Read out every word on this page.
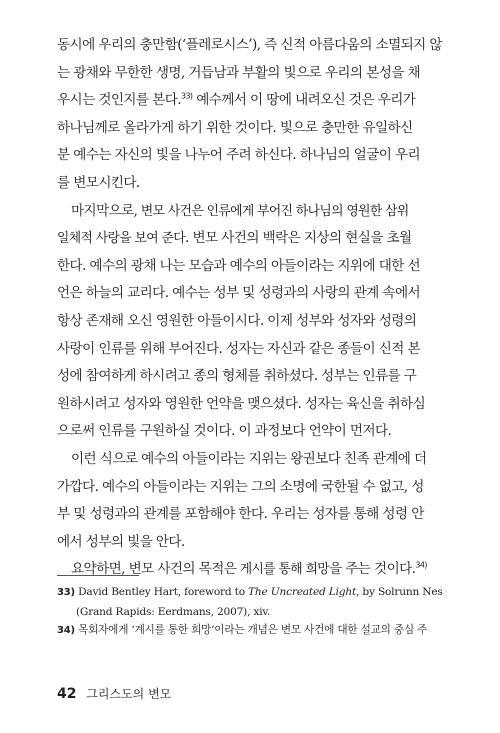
동시에 우리의 충만함(‘플레로시스’), 즉 신적 아름다움의 소멸되지 않
는 광채와 무한한 생명, 거듭남과 부활의 빛으로 우리의 본성을 채
우시는 것인지를 본다.$^{33)}$ 예수께서 이 땅에 내려오신 것은 우리가
하나님께로 올라가게 하기 위한 것이다. 빛으로 충만한 유일하신
분 예수는 자신의 빛을 나누어 주려 하신다. 하나님의 얼굴이 우리
를 변모시킨다.
마지막으로, 변모 사건은 인류에게 부어진 하나님의 영원한 삼위
일체적 사랑을 보여 준다. 변모 사건의 백락은 지상의 현실을 초월
한다. 예수의 광채 나는 모습과 예수의 아들이라는 지위에 대한 선
언은 하늘의 교리다. 예수는 성부 및 성령과의 사랑의 관계 속에서
항상 존재해 오신 영원한 아들이시다. 이제 성부와 성자와 성령의
사랑이 인류를 위해 부어진다. 성자는 자신과 같은 종들이 신적 본
성에 참여하게 하시려고 종의 형체를 취하셨다. 성부는 인류를 구
원하시려고 성자와 영원한 언약을 맺으셨다. 성자는 육신을 취하심
으로써 인류를 구원하실 것이다. 이 과정보다 언약이 먼저다.
이런 식으로 예수의 아들이라는 지위는 왕권보다 친족 관계에 더
가깝다. 예수의 아들이라는 지위는 그의 소명에 국한될 수 없고, 성
부 및 성령과의 관계를 포함해야 한다. 우리는 성자를 통해 성령 안
에서 성부의 빛을 안다.
요약하면, 변모 사건의 목적은 게시를 통해 희망을 주는 것이다.$^{34)}$
33) David Bentley Hart, foreword to The Uncreated Light, by Solrunn Nes
(Grand Rapids: Eerdmans, 2007), xiv.
34) 목회자에게 ‘계시를 통한 희망’이라는 개념은 변모 사건에 대한 설교의 중심 주
42 그리스도의 변모
